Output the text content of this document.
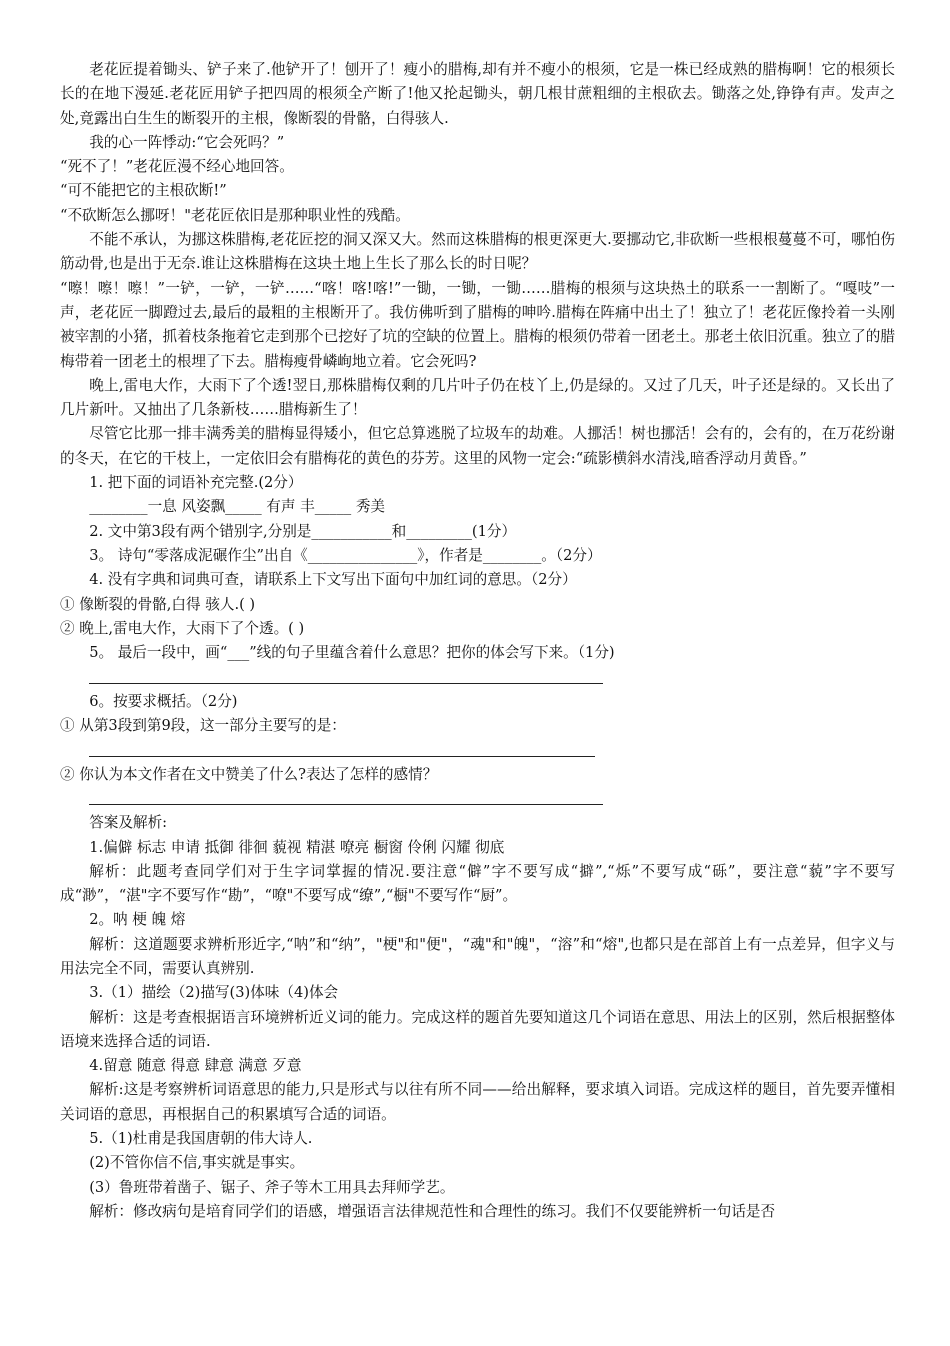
老花匠提着锄头、铲子来了.他铲开了！刨开了！瘦小的腊梅,却有并不瘦小的根须，它是一株已经成熟的腊梅啊！它的根须长长的在地下漫延.老花匠用铲子把四周的根须全产断了!他又抡起锄头，朝几根甘蔗粗细的主根砍去。锄落之处,铮铮有声。发声之处,竟露出白生生的断裂开的主根，像断裂的骨骼，白得骇人.

我的心一阵悸动:“它会死吗？”

“死不了！”老花匠漫不经心地回答。

“可不能把它的主根砍断!”

“不砍断怎么挪呀！"老花匠依旧是那种职业性的残酷。

不能不承认，为挪这株腊梅,老花匠挖的洞又深又大。然而这株腊梅的根更深更大.要挪动它,非砍断一些根根蔓蔓不可，哪怕伤筋动骨,也是出于无奈.谁让这株腊梅在这块土地上生长了那么长的时日呢？

“嚓！嚓！嚓！”一铲，一铲，一铲……“喀！喀!喀!”一锄，一锄，一锄……腊梅的根须与这块热土的联系一一割断了。“嘎吱”一声，老花匠一脚蹬过去,最后的最粗的主根断开了。我仿佛听到了腊梅的呻吟.腊梅在阵痛中出土了！独立了！老花匠像拎着一头刚被宰割的小猪，抓着枝条拖着它走到那个已挖好了坑的空缺的位置上。腊梅的根须仍带着一团老土。那老土依旧沉重。独立了的腊梅带着一团老土的根埋了下去。腊梅瘦骨嶙峋地立着。它会死吗?

晚上,雷电大作，大雨下了个透!翌日,那株腊梅仅剩的几片叶子仍在枝丫上,仍是绿的。又过了几天，叶子还是绿的。又长出了几片新叶。又抽出了几条新枝……腊梅新生了！

尽管它比那一排丰满秀美的腊梅显得矮小，但它总算逃脱了垃圾车的劫难。人挪活！树也挪活！会有的，会有的，在万花纷谢的冬天，在它的干枝上，一定依旧会有腊梅花的黄色的芬芳。这里的风物一定会:“疏影横斜水清浅,暗香浮动月黄昏。”

1. 把下面的词语补充完整.(2分）

________一息 风姿飘_____ 有声 丰_____ 秀美

2. 文中第3段有两个错别字,分别是___________和_________(1分）

3。 诗句“零落成泥碾作尘”出自《_______________》，作者是________。（2分）

4. 没有字典和词典可查，请联系上下文写出下面句中加红词的意思。（2分）

① 像断裂的骨骼,白得 骇人.( )

② 晚上,雷电大作，大雨下了个透。( )

5。 最后一段中，画“___”线的句子里蕴含着什么意思？把你的体会写下来。（1分)

6。按要求概括。（2分)

① 从第3段到第9段，这一部分主要写的是：

② 你认为本文作者在文中赞美了什么?表达了怎样的感情？

答案及解析:

1.偏僻 标志 申请 抵御 徘徊 藐视 精湛 嘹亮 橱窗 伶俐 闪耀 彻底

解析：此题考查同学们对于生字词掌握的情况.要注意“僻”字不要写成“擗”,“烁”不要写成“砾”，要注意“藐”字不要写成“渺”，“湛"字不要写作“勘”，“嘹"不要写成“缭”,“橱"不要写作“厨”。

2。呐 梗 魄 熔

解析：这道题要求辨析形近字,“呐”和“纳”，"梗"和"便"，“魂"和"魄"，“溶”和“熔",也都只是在部首上有一点差异，但字义与用法完全不同，需要认真辨别.

3.（1）描绘（2)描写(3)体味（4)体会

解析：这是考查根据语言环境辨析近义词的能力。完成这样的题首先要知道这几个词语在意思、用法上的区别，然后根据整体语境来选择合适的词语.

4.留意 随意 得意 肆意 满意 歹意

解析:这是考察辨析词语意思的能力,只是形式与以往有所不同——给出解释，要求填入词语。完成这样的题目，首先要弄懂相关词语的意思，再根据自己的积累填写合适的词语。

5.（1)杜甫是我国唐朝的伟大诗人.

(2)不管你信不信,事实就是事实。

(3）鲁班带着凿子、锯子、斧子等木工用具去拜师学艺。

解析：修改病句是培育同学们的语感，增强语言法律规范性和合理性的练习。我们不仅要能辨析一句话是否
